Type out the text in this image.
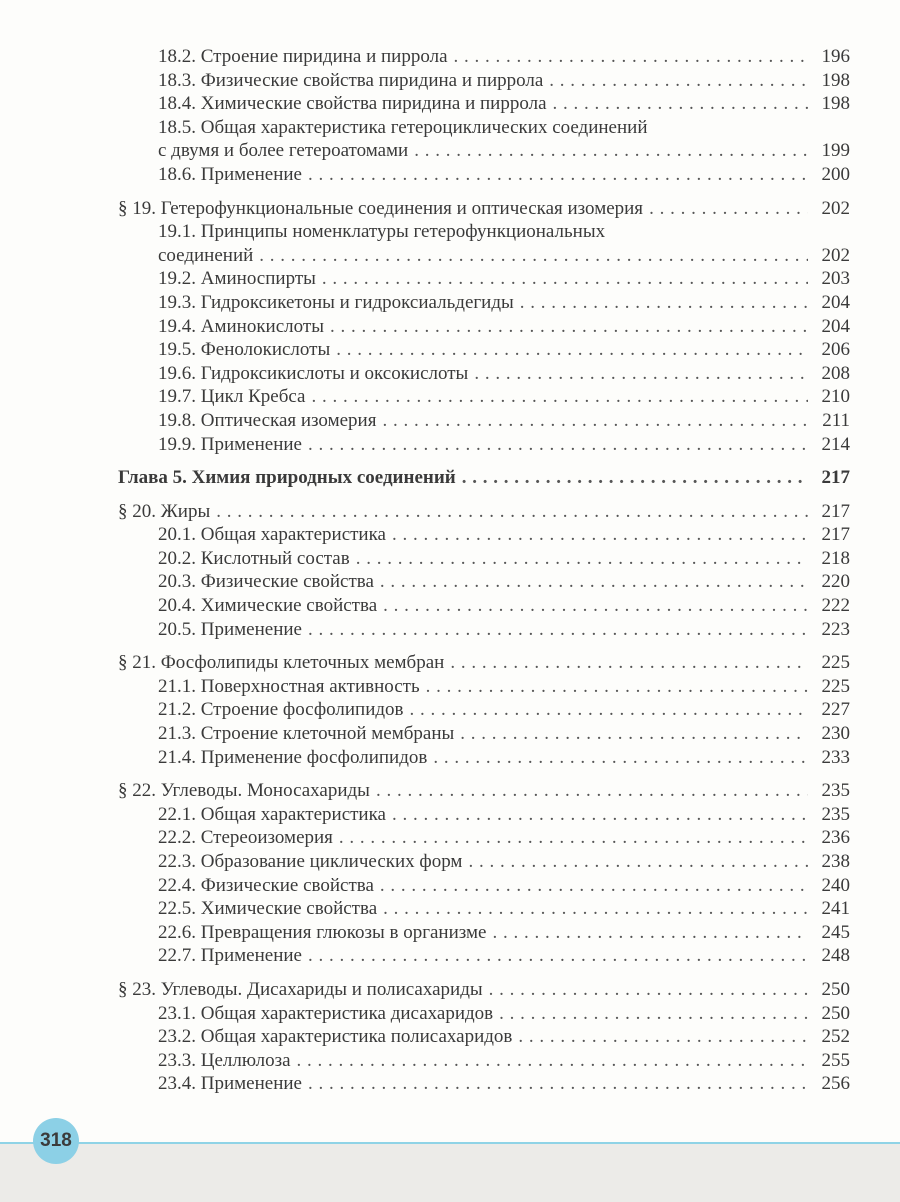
18.2. Строение пиридина и пиррола . . .	196
18.3. Физические свойства пиридина и пиррола . . .	198
18.4. Химические свойства пиридина и пиррола . . .	198
18.5. Общая характеристика гетероциклических соединений
с двумя и более гетероатомами . . .	199
18.6. Применение . . .	200
§ 19. Гетерофункциональные соединения и оптическая изомерия . . .	202
19.1. Принципы номенклатуры гетерофункциональных
соединений . . .	202
19.2. Аминоспирты . . .	203
19.3. Гидроксикетоны и гидроксиальдегиды . . .	204
19.4. Аминокислоты . . .	204
19.5. Фенолокислоты . . .	206
19.6. Гидроксикислоты и оксокислоты . . .	208
19.7. Цикл Кребса . . .	210
19.8. Оптическая изомерия . . .	211
19.9. Применение . . .	214
Глава 5. Химия природных соединений . . .	217
§ 20. Жиры . . .	217
20.1. Общая характеристика . . .	217
20.2. Кислотный состав . . .	218
20.3. Физические свойства . . .	220
20.4. Химические свойства . . .	222
20.5. Применение . . .	223
§ 21. Фосфолипиды клеточных мембран . . .	225
21.1. Поверхностная активность . . .	225
21.2. Строение фосфолипидов . . .	227
21.3. Строение клеточной мембраны . . .	230
21.4. Применение фосфолипидов . . .	233
§ 22. Углеводы. Моносахариды . . .	235
22.1. Общая характеристика . . .	235
22.2. Стереоизомерия . . .	236
22.3. Образование циклических форм . . .	238
22.4. Физические свойства . . .	240
22.5. Химические свойства . . .	241
22.6. Превращения глюкозы в организме . . .	245
22.7. Применение . . .	248
§ 23. Углеводы. Дисахариды и полисахариды . . .	250
23.1. Общая характеристика дисахаридов . . .	250
23.2. Общая характеристика полисахаридов . . .	252
23.3. Целлюлоза . . .	255
23.4. Применение . . .	256
318
